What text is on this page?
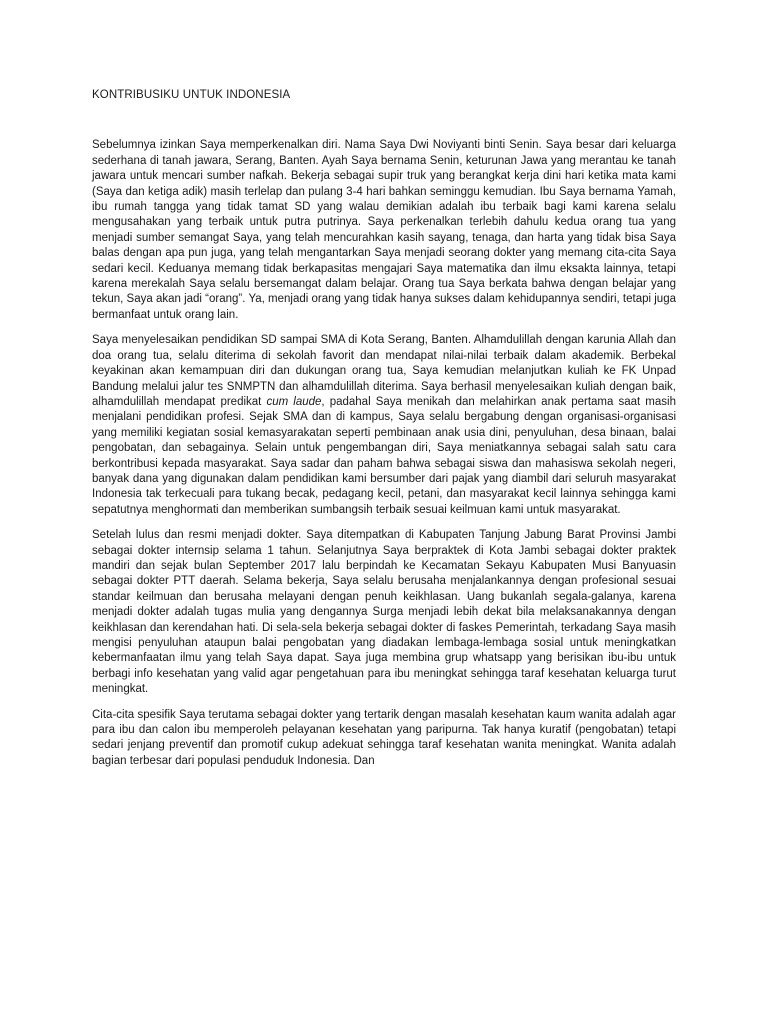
KONTRIBUSIKU UNTUK INDONESIA

Sebelumnya izinkan Saya memperkenalkan diri. Nama Saya Dwi Noviyanti binti Senin. Saya besar dari keluarga sederhana di tanah jawara, Serang, Banten. Ayah Saya bernama Senin, keturunan Jawa yang merantau ke tanah jawara untuk mencari sumber nafkah. Bekerja sebagai supir truk yang berangkat kerja dini hari ketika mata kami (Saya dan ketiga adik) masih terlelap dan pulang 3-4 hari bahkan seminggu kemudian. Ibu Saya bernama Yamah, ibu rumah tangga yang tidak tamat SD yang walau demikian adalah ibu terbaik bagi kami karena selalu mengusahakan yang terbaik untuk putra putrinya. Saya perkenalkan terlebih dahulu kedua orang tua yang menjadi sumber semangat Saya, yang telah mencurahkan kasih sayang, tenaga, dan harta yang tidak bisa Saya balas dengan apa pun juga, yang telah mengantarkan Saya menjadi seorang dokter yang memang cita-cita Saya sedari kecil. Keduanya memang tidak berkapasitas mengajari Saya matematika dan ilmu eksakta lainnya, tetapi karena merekalah Saya selalu bersemangat dalam belajar. Orang tua Saya berkata bahwa dengan belajar yang tekun, Saya akan jadi “orang”. Ya, menjadi orang yang tidak hanya sukses dalam kehidupannya sendiri, tetapi juga bermanfaat untuk orang lain.

Saya menyelesaikan pendidikan SD sampai SMA di Kota Serang, Banten. Alhamdulillah dengan karunia Allah dan doa orang tua, selalu diterima di sekolah favorit dan mendapat nilai-nilai terbaik dalam akademik. Berbekal keyakinan akan kemampuan diri dan dukungan orang tua, Saya kemudian melanjutkan kuliah ke FK Unpad Bandung melalui jalur tes SNMPTN dan alhamdulillah diterima. Saya berhasil menyelesaikan kuliah dengan baik, alhamdulillah mendapat predikat cum laude, padahal Saya menikah dan melahirkan anak pertama saat masih menjalani pendidikan profesi. Sejak SMA dan di kampus, Saya selalu bergabung dengan organisasi-organisasi yang memiliki kegiatan sosial kemasyarakatan seperti pembinaan anak usia dini, penyuluhan, desa binaan, balai pengobatan, dan sebagainya. Selain untuk pengembangan diri, Saya meniatkannya sebagai salah satu cara berkontribusi kepada masyarakat. Saya sadar dan paham bahwa sebagai siswa dan mahasiswa sekolah negeri, banyak dana yang digunakan dalam pendidikan kami bersumber dari pajak yang diambil dari seluruh masyarakat Indonesia tak terkecuali para tukang becak, pedagang kecil, petani, dan masyarakat kecil lainnya sehingga kami sepatutnya menghormati dan memberikan sumbangsih terbaik sesuai keilmuan kami untuk masyarakat.

Setelah lulus dan resmi menjadi dokter. Saya ditempatkan di Kabupaten Tanjung Jabung Barat Provinsi Jambi sebagai dokter internsip selama 1 tahun. Selanjutnya Saya berpraktek di Kota Jambi sebagai dokter praktek mandiri dan sejak bulan September 2017 lalu berpindah ke Kecamatan Sekayu Kabupaten Musi Banyuasin sebagai dokter PTT daerah. Selama bekerja, Saya selalu berusaha menjalankannya dengan profesional sesuai standar keilmuan dan berusaha melayani dengan penuh keikhlasan. Uang bukanlah segala-galanya, karena menjadi dokter adalah tugas mulia yang dengannya Surga menjadi lebih dekat bila melaksanakannya dengan keikhlasan dan kerendahan hati. Di sela-sela bekerja sebagai dokter di faskes Pemerintah, terkadang Saya masih mengisi penyuluhan ataupun balai pengobatan yang diadakan lembaga-lembaga sosial untuk meningkatkan kebermanfaatan ilmu yang telah Saya dapat. Saya juga membina grup whatsapp yang berisikan ibu-ibu untuk berbagi info kesehatan yang valid agar pengetahuan para ibu meningkat sehingga taraf kesehatan keluarga turut meningkat.

Cita-cita spesifik Saya terutama sebagai dokter yang tertarik dengan masalah kesehatan kaum wanita adalah agar para ibu dan calon ibu memperoleh pelayanan kesehatan yang paripurna. Tak hanya kuratif (pengobatan) tetapi sedari jenjang preventif dan promotif cukup adekuat sehingga taraf kesehatan wanita meningkat. Wanita adalah bagian terbesar dari populasi penduduk Indonesia. Dan
